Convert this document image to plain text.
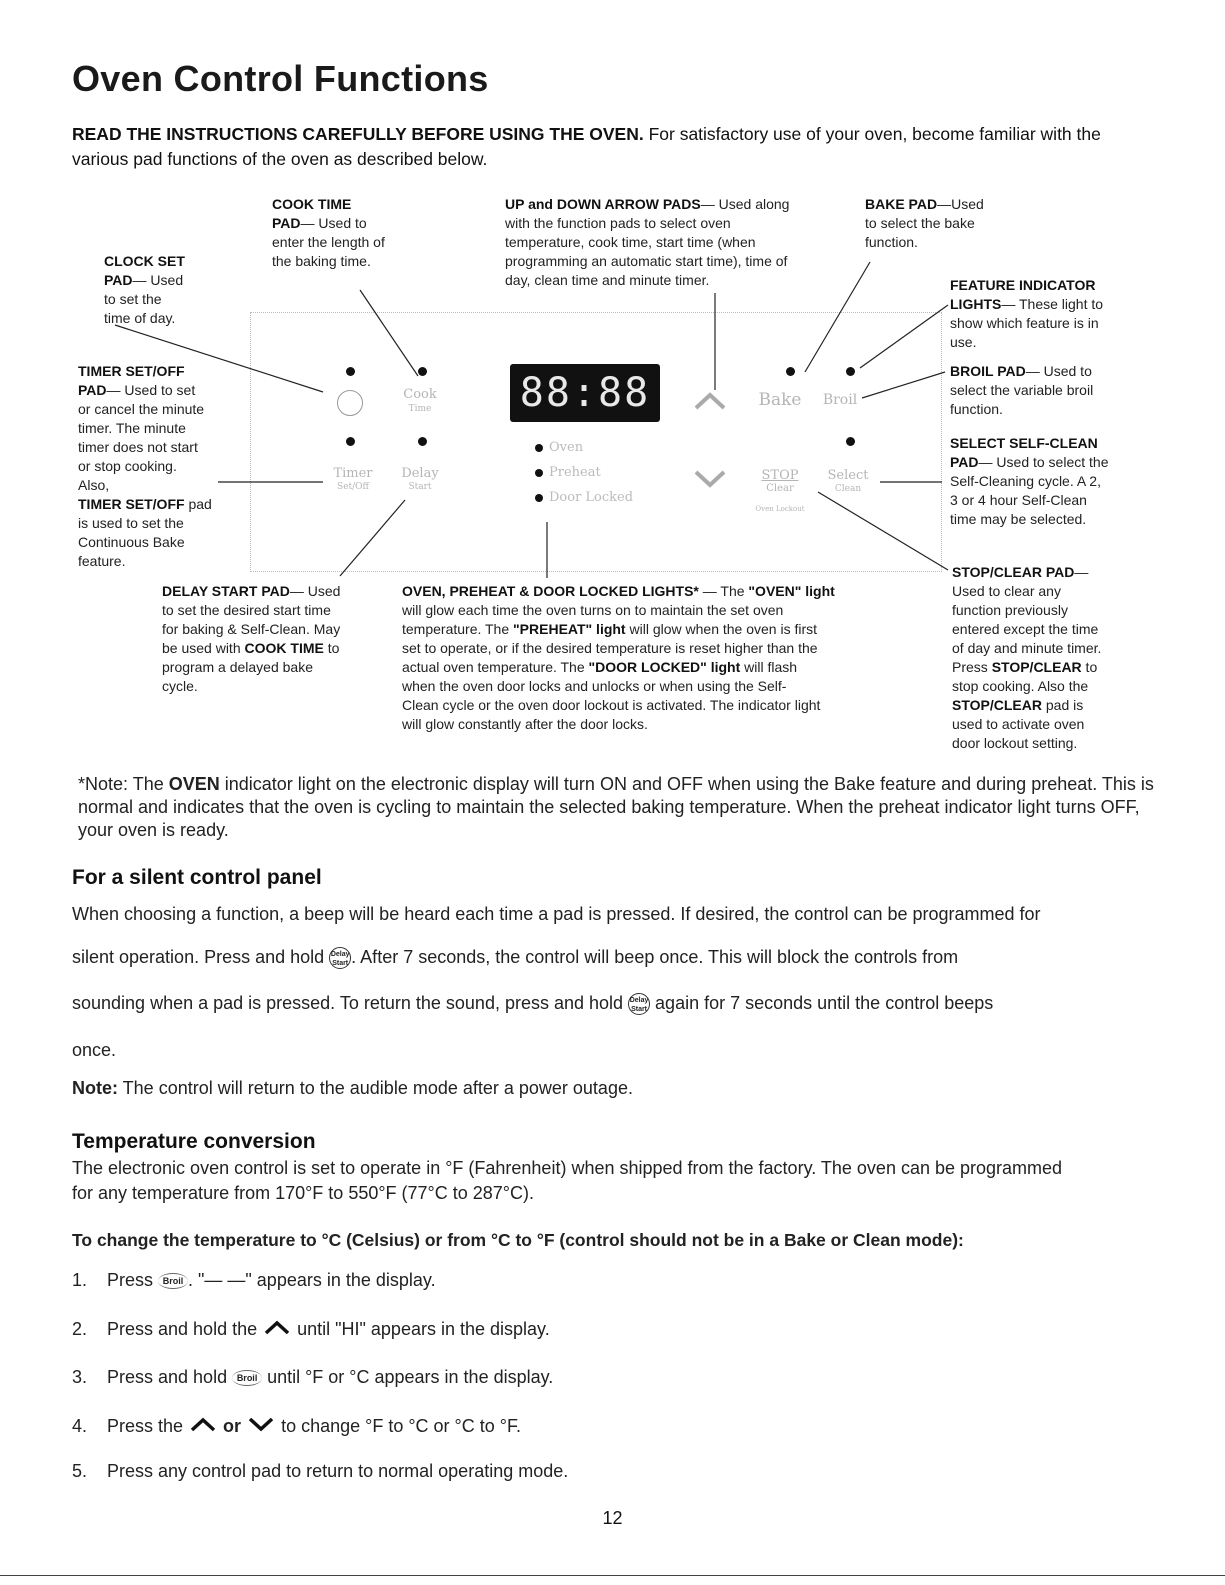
Oven Control Functions
READ THE INSTRUCTIONS CAREFULLY BEFORE USING THE OVEN. For satisfactory use of your oven, become familiar with the various pad functions of the oven as described below.
Cook
Time
Timer
Set/Off
Delay
Start
88:88
Oven
Preheat
Door Locked
Bake	Broil
STOP
Clear
Select
Clean
Oven Lockout
CLOCK SET
PAD— Used
to set the
time of day.
COOK TIME
PAD— Used to
enter the length of
the baking time.
UP and DOWN ARROW PADS— Used along
with the function pads to select oven
temperature, cook time, start time (when
programming an automatic start time), time of
day, clean time and minute timer.
BAKE PAD—Used
to select the bake
function.
FEATURE INDICATOR
LIGHTS— These light to
show which feature is in
use.
BROIL PAD— Used to
select the variable broil
function.
SELECT SELF-CLEAN
PAD— Used to select the
Self-Cleaning cycle. A 2,
3 or 4 hour Self-Clean
time may be selected.
TIMER SET/OFF
PAD— Used to set
or cancel the minute
timer. The minute
timer does not start
or stop cooking.
Also,
TIMER SET/OFF pad
is used to set the
Continuous Bake
feature.
DELAY START PAD— Used
to set the desired start time
for baking & Self-Clean. May
be used with COOK TIME to
program a delayed bake
cycle.
OVEN, PREHEAT & DOOR LOCKED LIGHTS* — The "OVEN" light
will glow each time the oven turns on to maintain the set oven
temperature. The "PREHEAT" light will glow when the oven is first
set to operate, or if the desired temperature is reset higher than the
actual oven temperature. The "DOOR LOCKED" light will flash
when the oven door locks and unlocks or when using the Self-
Clean cycle or the oven door lockout is activated. The indicator light
will glow constantly after the door locks.
STOP/CLEAR PAD—
Used to clear any
function previously
entered except the time
of day and minute timer.
Press STOP/CLEAR to
stop cooking. Also the
STOP/CLEAR pad is
used to activate oven
door lockout setting.
*Note: The OVEN indicator light on the electronic display will turn ON and OFF when using the Bake feature and during preheat. This is normal and indicates that the oven is cycling to maintain the selected baking temperature. When the preheat indicator light turns OFF, your oven is ready.
For a silent control panel
When choosing a function, a beep will be heard each time a pad is pressed. If desired, the control can be programmed for
silent operation. Press and hold Delay
Start . After 7 seconds, the control will beep once. This will block the controls from
sounding when a pad is pressed. To return the sound, press and hold Delay
Start again for 7 seconds until the control beeps
once.
Note: The control will return to the audible mode after a power outage.
Temperature conversion
The electronic oven control is set to operate in °F (Fahrenheit) when shipped from the factory. The oven can be programmed
for any temperature from 170°F to 550°F (77°C to 287°C).
To change the temperature to °C (Celsius) or from °C to °F (control should not be in a Bake or Clean mode):
1. Press Broil . "— —" appears in the display.
2. Press and hold the  until "HI" appears in the display.
3. Press and hold Broil until °F or °C appears in the display.
4. Press the  or  to change °F to °C or °C to °F.
5. Press any control pad to return to normal operating mode.
12
